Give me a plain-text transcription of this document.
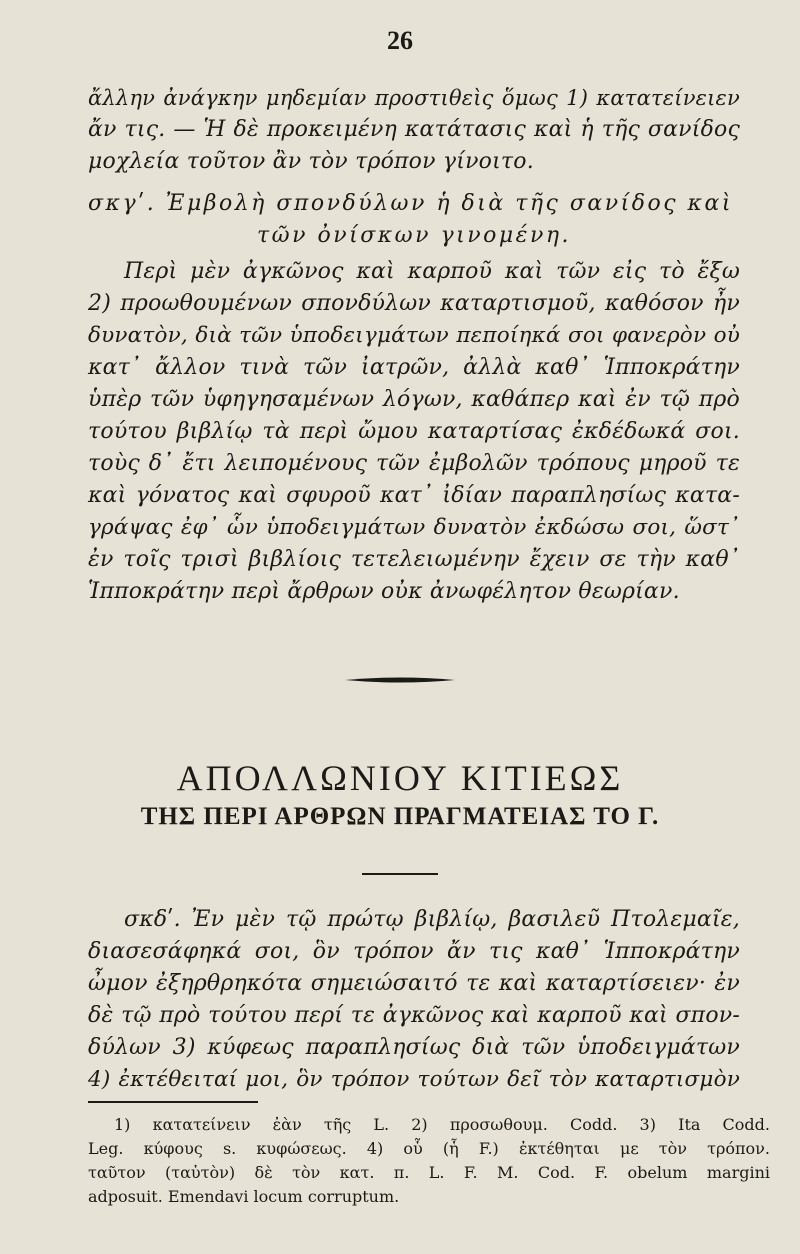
26
ἄλλην ἀνάγκην μηδεμίαν προστιθεὶς ὅμως 1) κατατείνειεν
ἄν τις. — Ἡ δὲ προκειμένη κατάτασις καὶ ἡ τῆς σανίδος
μοχλεία τοῦτον ἂν τὸν τρόπον γίνοιτο.
σκγʹ. Ἐμβολὴ σπονδύλων ἡ διὰ τῆς σανίδος καὶ
τῶν ὀνίσκων γινομένη.
Περὶ μὲν ἀγκῶνος καὶ καρποῦ καὶ τῶν εἰς τὸ ἔξω
2) προωθουμένων σπονδύλων καταρτισμοῦ, καθόσον ἦν
δυνατὸν, διὰ τῶν ὑποδειγμάτων πεποίηκά σοι φανερὸν οὐ
κατ᾽ ἄλλον τινὰ τῶν ἰατρῶν, ἀλλὰ καθ᾽ Ἱπποκράτην
ὑπὲρ τῶν ὑφηγησαμένων λόγων, καθάπερ καὶ ἐν τῷ πρὸ
τούτου βιβλίῳ τὰ περὶ ὤμου καταρτίσας ἐκδέδωκά σοι.
τοὺς δ᾽ ἔτι λειπομένους τῶν ἐμβολῶν τρόπους μηροῦ τε
καὶ γόνατος καὶ σφυροῦ κατ᾽ ἰδίαν παραπλησίως κατα-
γράψας ἐφ᾽ ὧν ὑποδειγμάτων δυνατὸν ἐκδώσω σοι, ὥστ᾽
ἐν τοῖς τρισὶ βιβλίοις τετελειωμένην ἔχειν σε τὴν καθ᾽
Ἱπποκράτην περὶ ἄρθρων οὐκ ἀνωφέλητον θεωρίαν.
ΑΠΟΛΛΩΝΙΟΥ ΚΙΤΙΕΩΣ
ΤΗΣ ΠΕΡΙ ΑΡΘΡΩΝ ΠΡΑΓΜΑΤΕΙΑΣ ΤΟ Γ.
σκδʹ. Ἐν μὲν τῷ πρώτῳ βιβλίῳ, βασιλεῦ Πτολεμαῖε,
διασεσάφηκά σοι, ὃν τρόπον ἄν τις καθ᾽ Ἱπποκράτην
ὦμον ἐξηρθρηκότα σημειώσαιτό τε καὶ καταρτίσειεν· ἐν
δὲ τῷ πρὸ τούτου περί τε ἀγκῶνος καὶ καρποῦ καὶ σπον-
δύλων 3) κύφεως παραπλησίως διὰ τῶν ὑποδειγμάτων
4) ἐκτέθειταί μοι, ὃν τρόπον τούτων δεῖ τὸν καταρτισμὸν
1) κατατείνειν ἐὰν τῆς L. 2) προσωθουμ. Codd. 3) Ita Codd.
Leg. κύφους s. κυφώσεως. 4) οὗ (ἧ F.) ἐκτέθηται με τὸν τρόπον.
ταῦτον (ταὐτὸν) δὲ τὸν κατ. π. L. F. M. Cod. F. obelum margini
adposuit. Emendavi locum corruptum.
